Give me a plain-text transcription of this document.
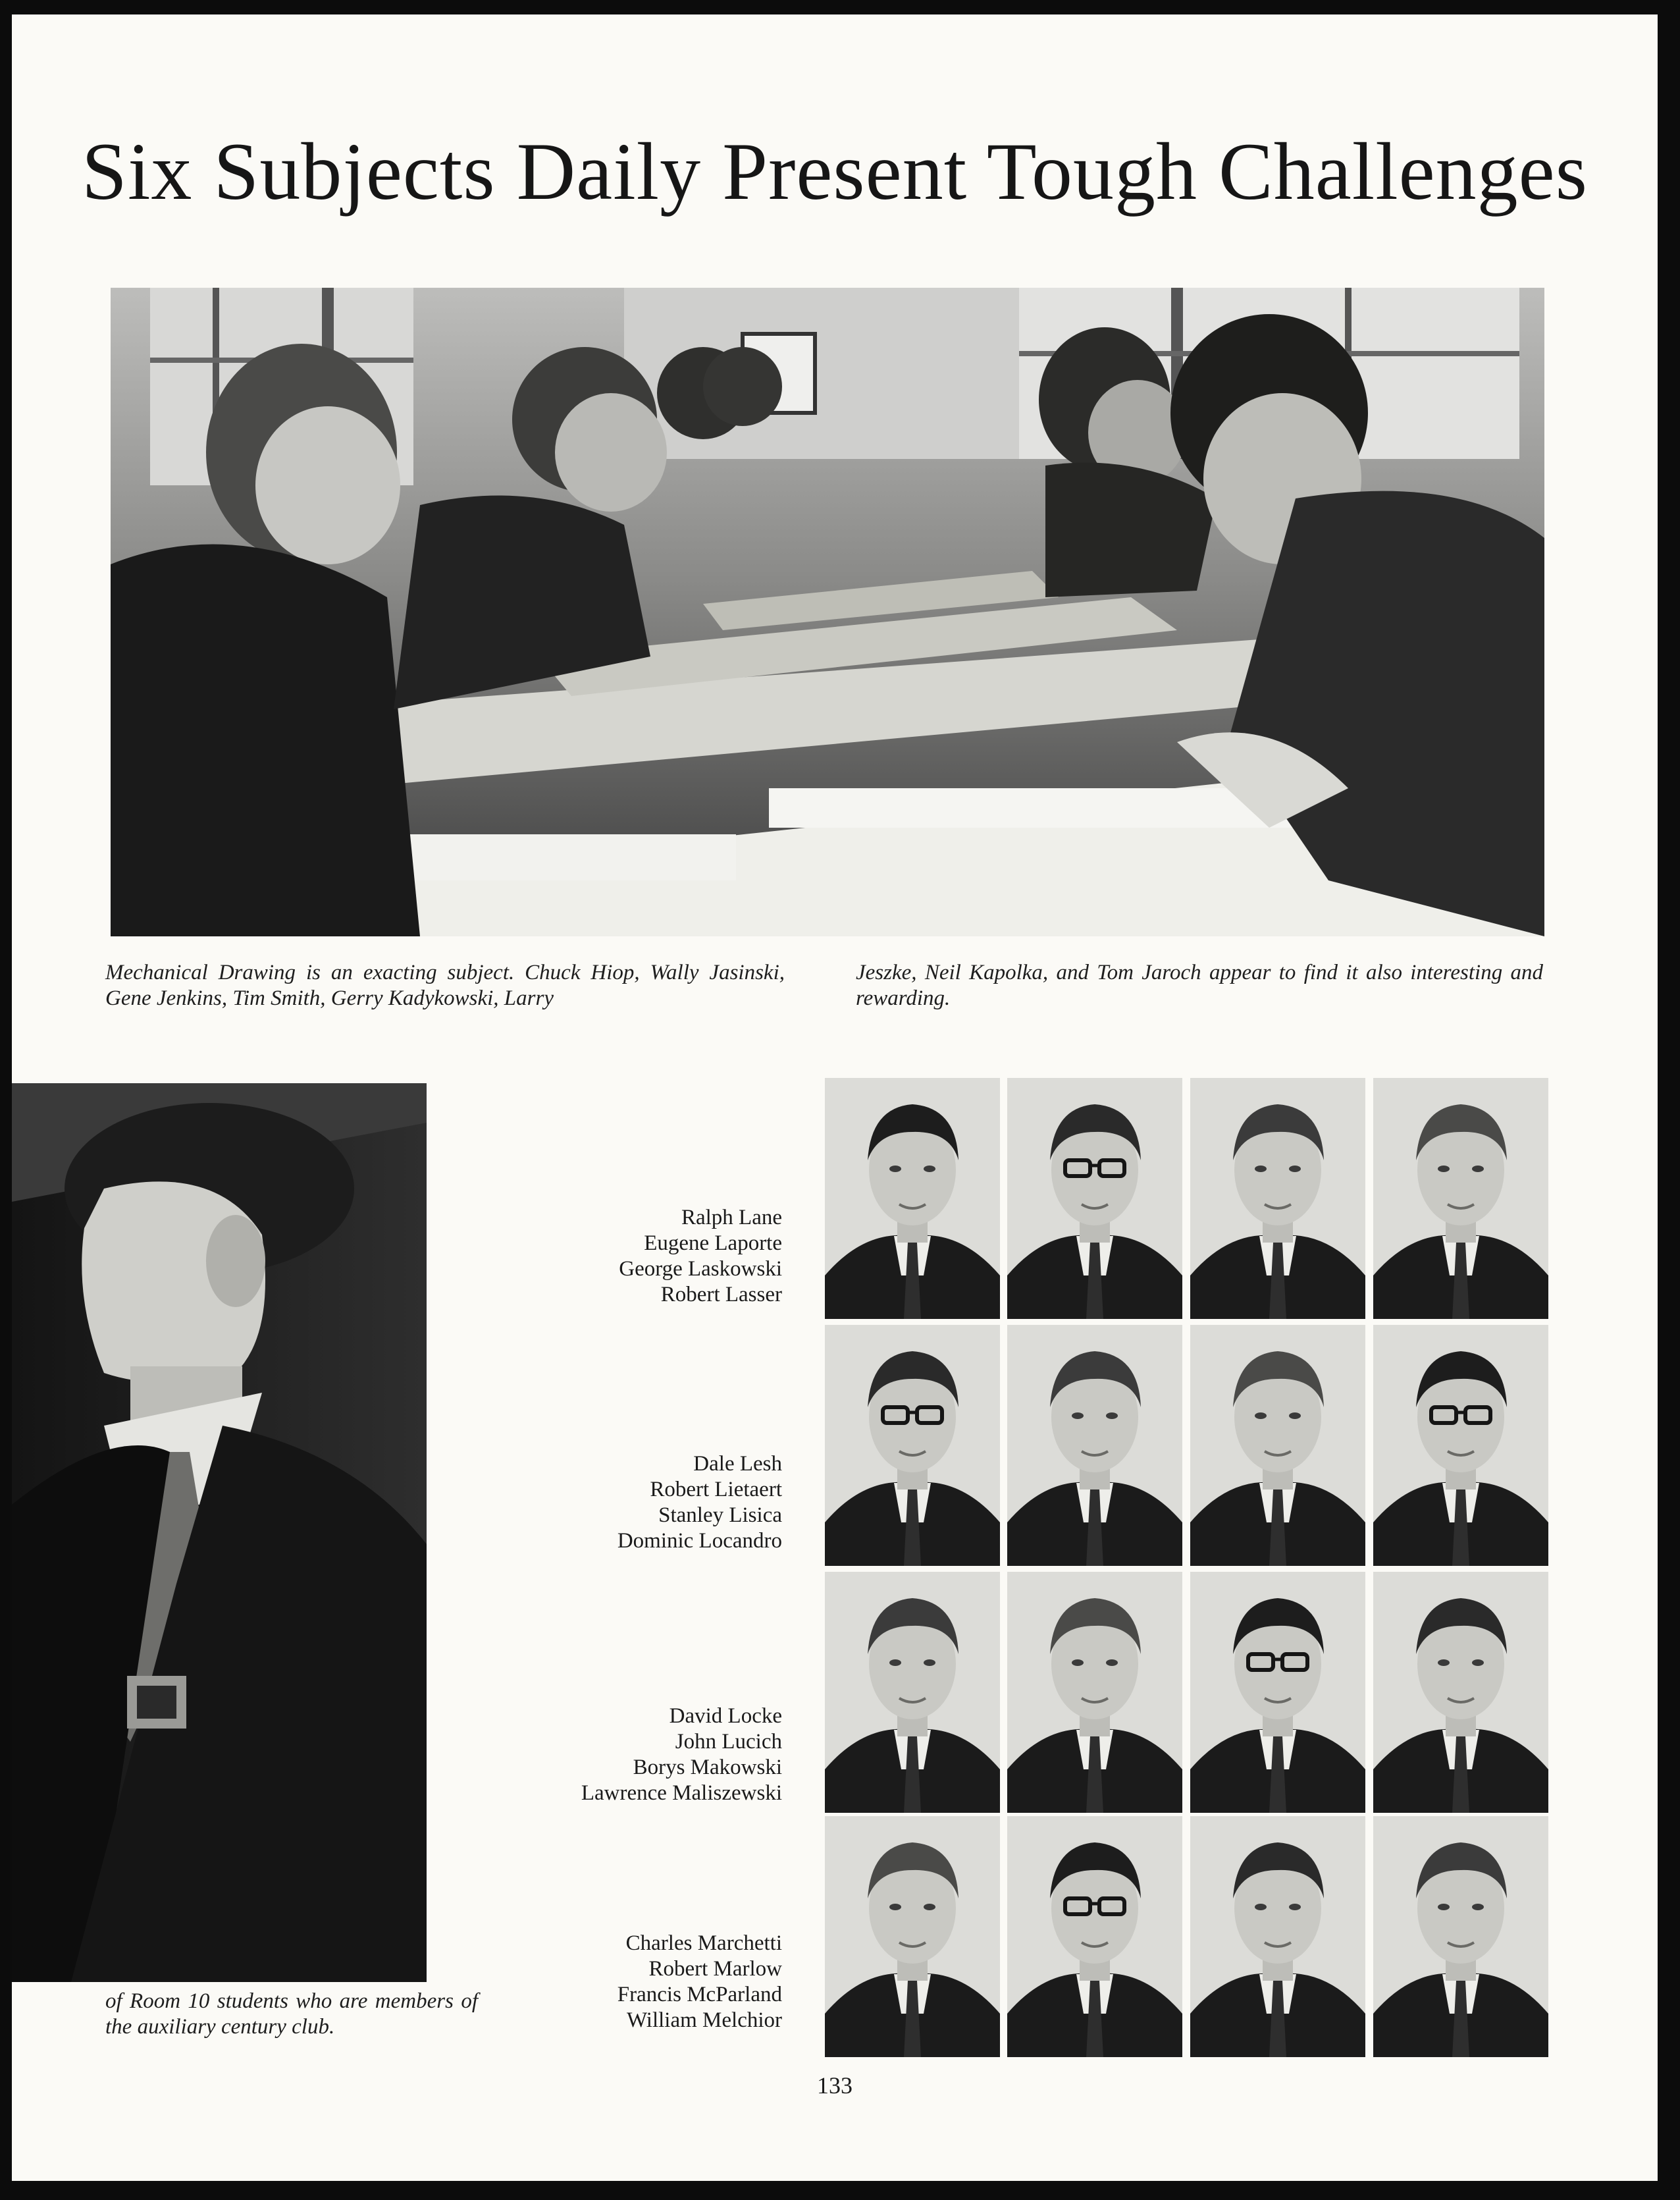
Six Subjects Daily Present Tough Challenges

Mechanical Drawing is an exacting subject. Chuck Hiop, Wally Jasinski, Gene Jenkins, Tim Smith, Gerry Kadykowski, Larry

Jeszke, Neil Kapolka, and Tom Jaroch appear to find it also interesting and rewarding.

of Room 10 students who are members of the auxiliary century club.

Ralph Lane
Eugene Laporte
George Laskowski
Robert Lasser
Dale Lesh
Robert Lietaert
Stanley Lisica
Dominic Locandro
David Locke
John Lucich
Borys Makowski
Lawrence Maliszewski
Charles Marchetti
Robert Marlow
Francis McParland
William Melchior
133
